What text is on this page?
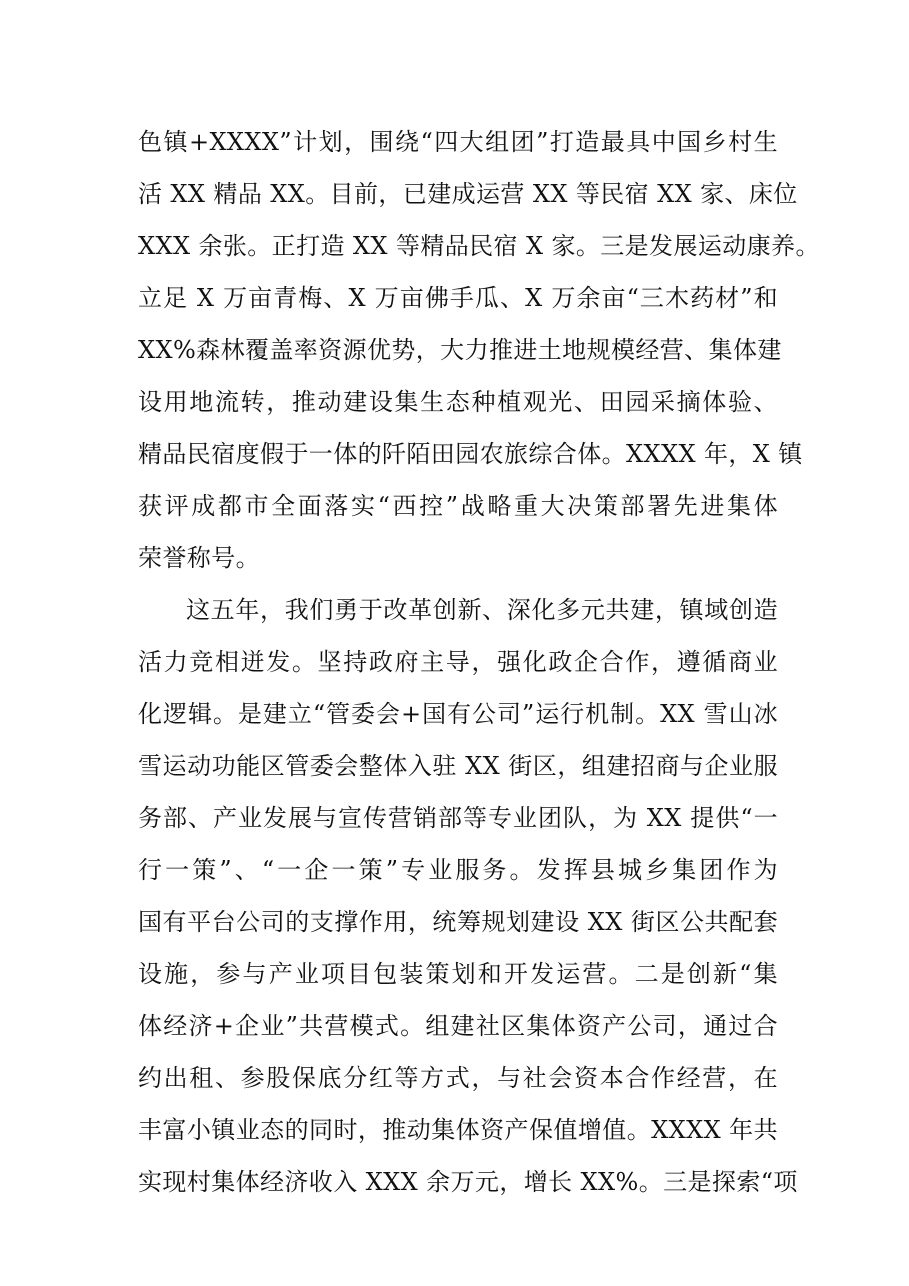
色镇+XXXX”计划，围绕“四大组团”打造最具中国乡村生
活 XX 精品 XX。目前，已建成运营 XX 等民宿 XX 家、床位
XXX 余张。正打造 XX 等精品民宿 X 家。三是发展运动康养。
立足 X 万亩青梅、X 万亩佛手瓜、X 万余亩“三木药材”和
XX%森林覆盖率资源优势，大力推进土地规模经营、集体建
设用地流转，推动建设集生态种植观光、田园采摘体验、
精品民宿度假于一体的阡陌田园农旅综合体。XXXX 年，X 镇
获评成都市全面落实“西控”战略重大决策部署先进集体
荣誉称号。
这五年，我们勇于改革创新、深化多元共建，镇域创造
活力竞相迸发。坚持政府主导，强化政企合作，遵循商业
化逻辑。是建立“管委会+国有公司”运行机制。XX 雪山冰
雪运动功能区管委会整体入驻 XX 街区，组建招商与企业服
务部、产业发展与宣传营销部等专业团队，为 XX 提供“一
行一策”、“一企一策”专业服务。发挥县城乡集团作为
国有平台公司的支撑作用，统筹规划建设 XX 街区公共配套
设施，参与产业项目包装策划和开发运营。二是创新“集
体经济+企业”共营模式。组建社区集体资产公司，通过合
约出租、参股保底分红等方式，与社会资本合作经营，在
丰富小镇业态的同时，推动集体资产保值增值。XXXX 年共
实现村集体经济收入 XXX 余万元，增长 XX%。三是探索“项
